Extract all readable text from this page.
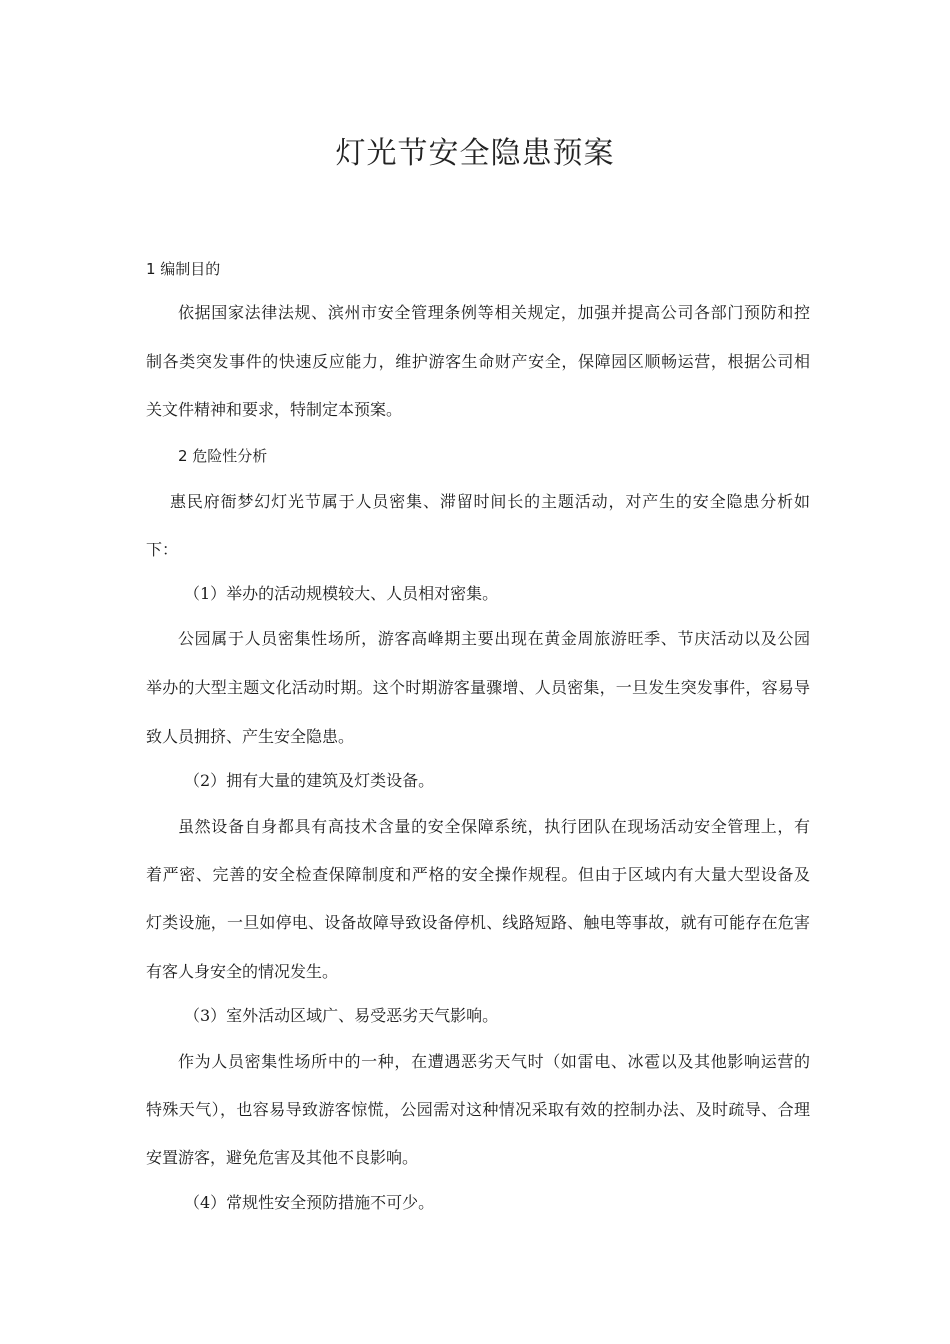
灯光节安全隐患预案

1 编制目的

依据国家法律法规、滨州市安全管理条例等相关规定，加强并提高公司各部门预防和控

制各类突发事件的快速反应能力，维护游客生命财产安全，保障园区顺畅运营，根据公司相

关文件精神和要求，特制定本预案。

2 危险性分析

惠民府衙梦幻灯光节属于人员密集、滞留时间长的主题活动，对产生的安全隐患分析如

下：

（1）举办的活动规模较大、人员相对密集。

公园属于人员密集性场所，游客高峰期主要出现在黄金周旅游旺季、节庆活动以及公园

举办的大型主题文化活动时期。这个时期游客量骤增、人员密集，一旦发生突发事件，容易导

致人员拥挤、产生安全隐患。

（2）拥有大量的建筑及灯类设备。

虽然设备自身都具有高技术含量的安全保障系统，执行团队在现场活动安全管理上，有

着严密、完善的安全检查保障制度和严格的安全操作规程。但由于区域内有大量大型设备及

灯类设施，一旦如停电、设备故障导致设备停机、线路短路、触电等事故，就有可能存在危害

有客人身安全的情况发生。

（3）室外活动区域广、易受恶劣天气影响。

作为人员密集性场所中的一种，在遭遇恶劣天气时（如雷电、冰雹以及其他影响运营的

特殊天气），也容易导致游客惊慌，公园需对这种情况采取有效的控制办法、及时疏导、合理

安置游客，避免危害及其他不良影响。

（4）常规性安全预防措施不可少。
